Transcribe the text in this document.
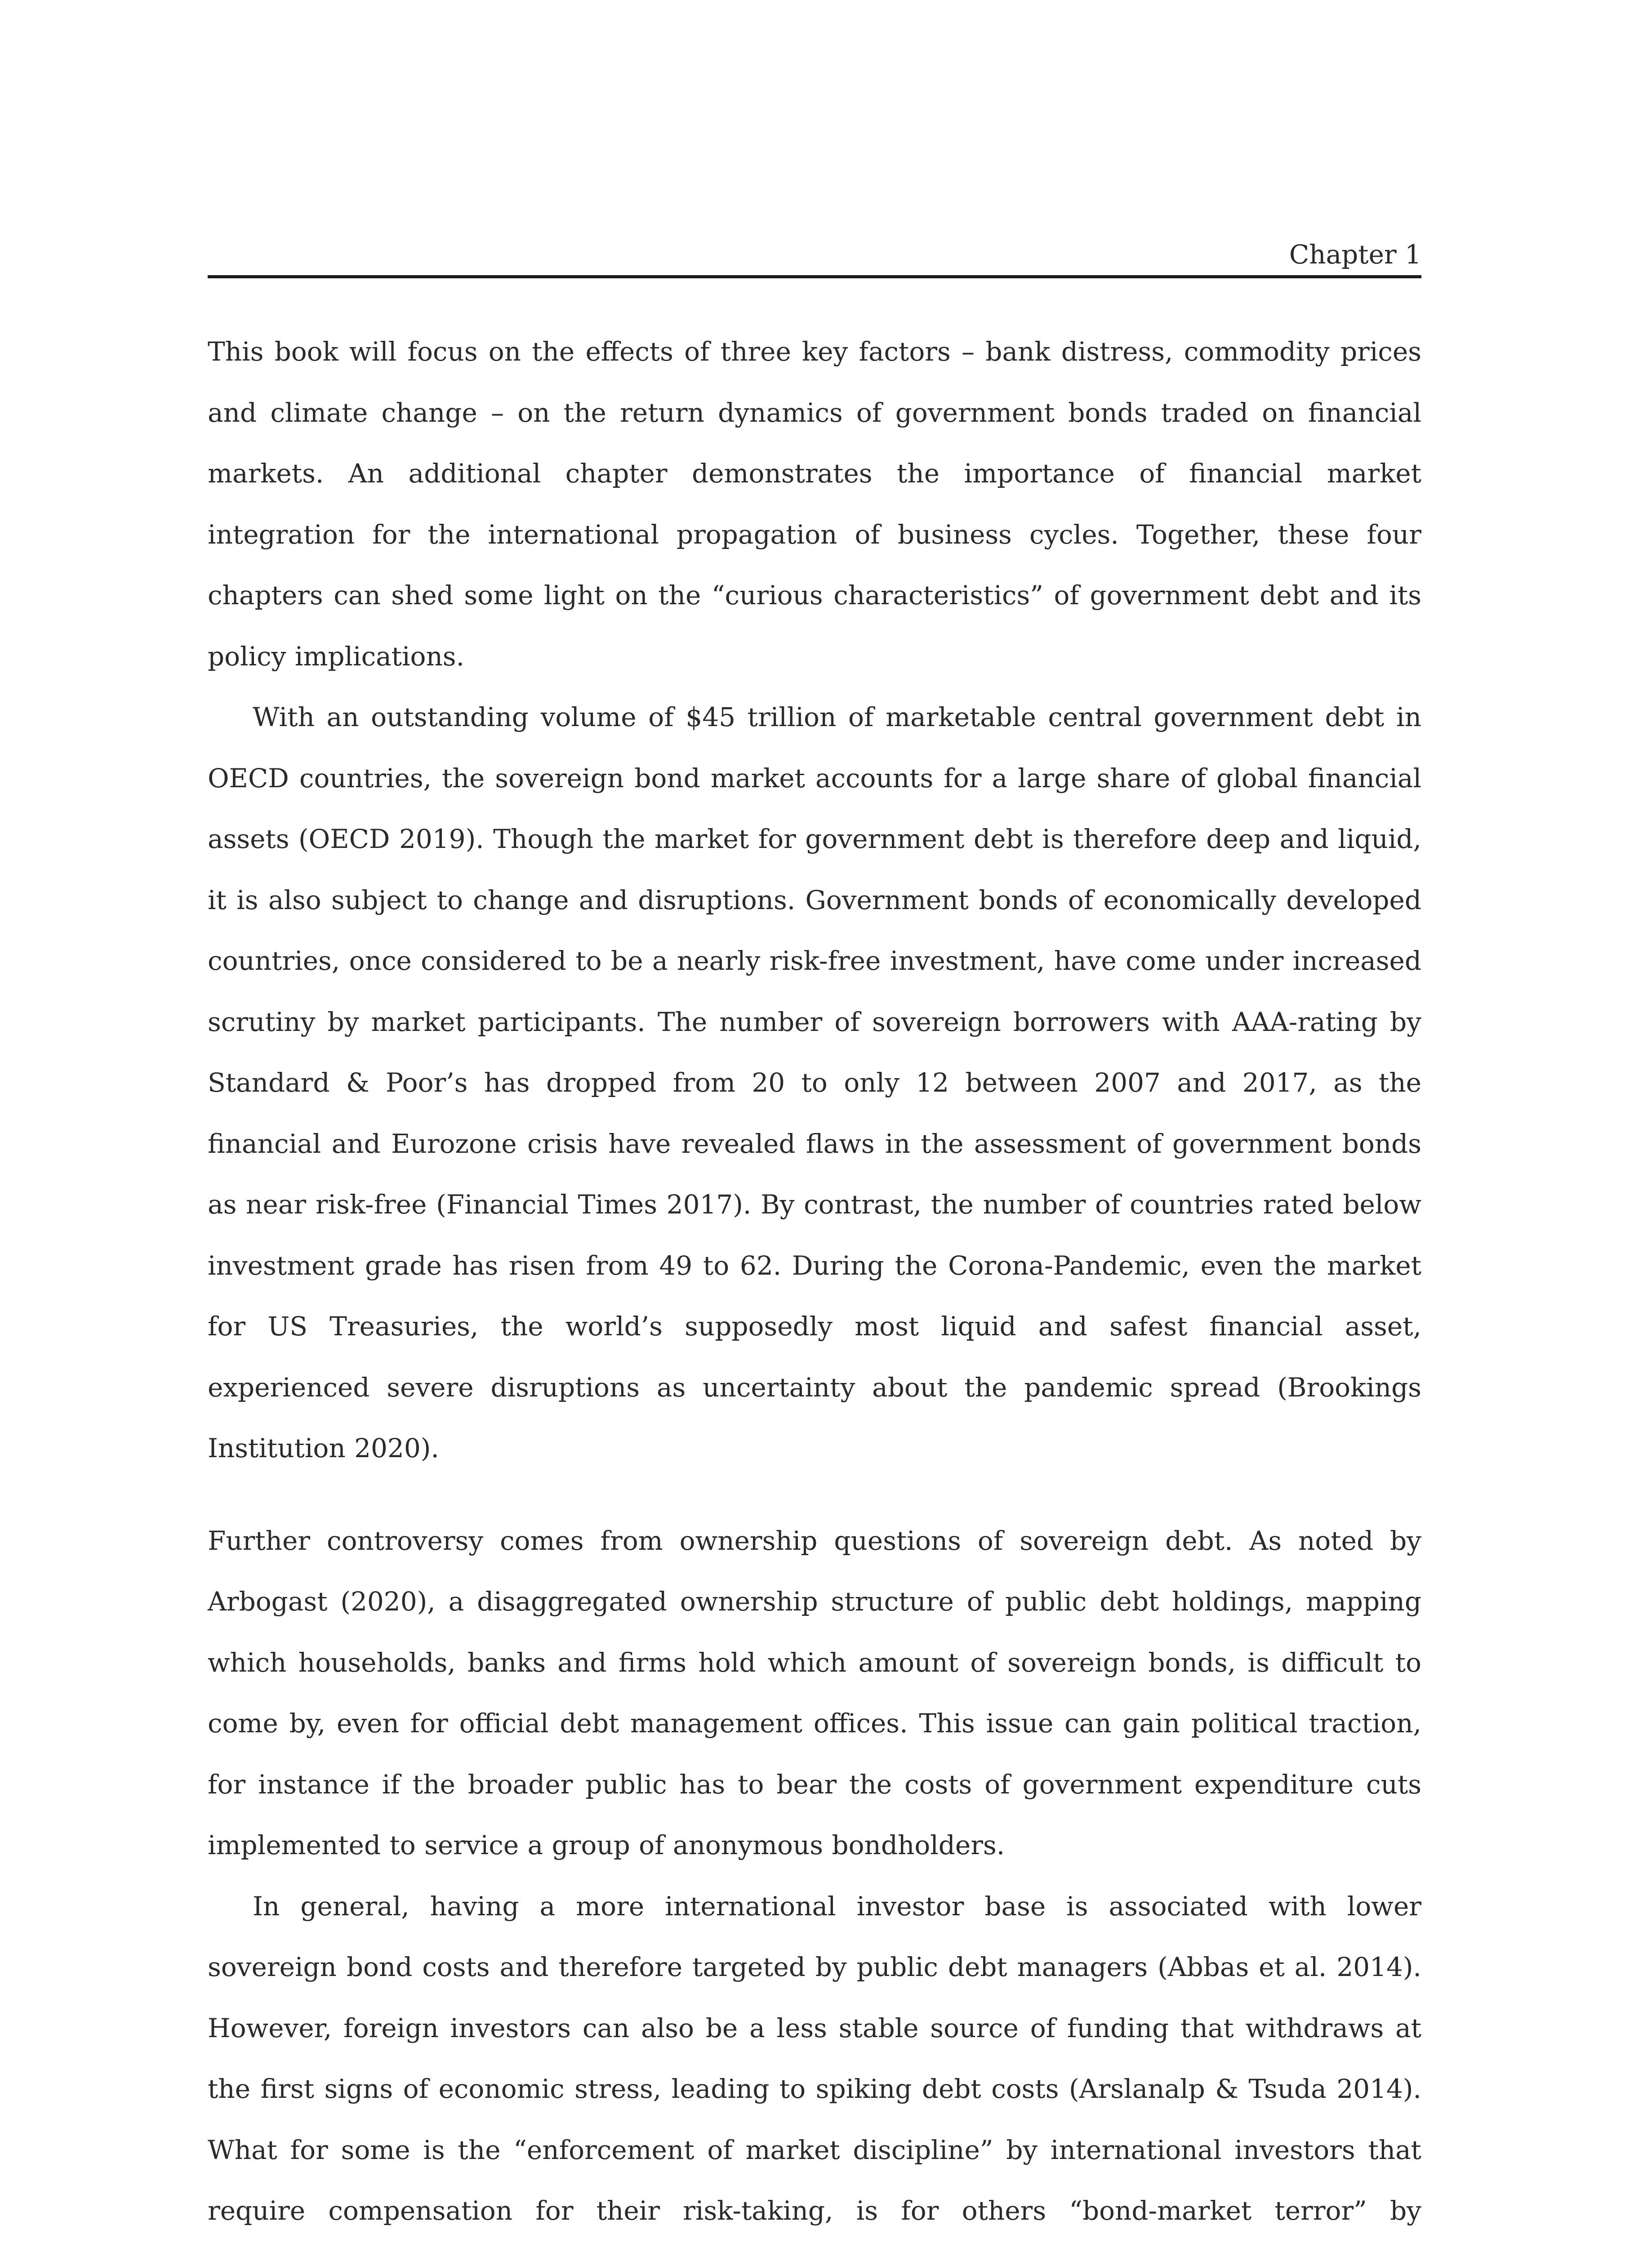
Chapter 1

This book will focus on the effects of three key factors – bank distress, commodity prices and climate change – on the return dynamics of government bonds traded on financial markets. An additional chapter demonstrates the importance of financial market integration for the international propagation of business cycles. Together, these four chapters can shed some light on the “curious characteristics” of government debt and its policy implications.

With an outstanding volume of $45 trillion of marketable central government debt in OECD countries, the sovereign bond market accounts for a large share of global financial assets (OECD 2019). Though the market for government debt is therefore deep and liquid, it is also subject to change and disruptions. Government bonds of economically developed countries, once considered to be a nearly risk-free investment, have come under increased scrutiny by market participants. The number of sovereign borrowers with AAA-rating by Standard & Poor’s has dropped from 20 to only 12 between 2007 and 2017, as the financial and Eurozone crisis have revealed flaws in the assessment of government bonds as near risk-free (Financial Times 2017). By contrast, the number of countries rated below investment grade has risen from 49 to 62. During the Corona-Pandemic, even the market for US Treasuries, the world’s supposedly most liquid and safest financial asset, experienced severe disruptions as uncertainty about the pandemic spread (Brookings Institution 2020).

Further controversy comes from ownership questions of sovereign debt. As noted by Arbogast (2020), a disaggregated ownership structure of public debt holdings, mapping which households, banks and firms hold which amount of sovereign bonds, is difficult to come by, even for official debt management offices. This issue can gain political traction, for instance if the broader public has to bear the costs of government expenditure cuts implemented to service a group of anonymous bondholders.

In general, having a more international investor base is associated with lower sovereign bond costs and therefore targeted by public debt managers (Abbas et al. 2014). However, foreign investors can also be a less stable source of funding that withdraws at the first signs of economic stress, leading to spiking debt costs (Arslanalp & Tsuda 2014). What for some is the “enforcement of market discipline” by international investors that require compensation for their risk-taking, is for others “bond-market terror” by
